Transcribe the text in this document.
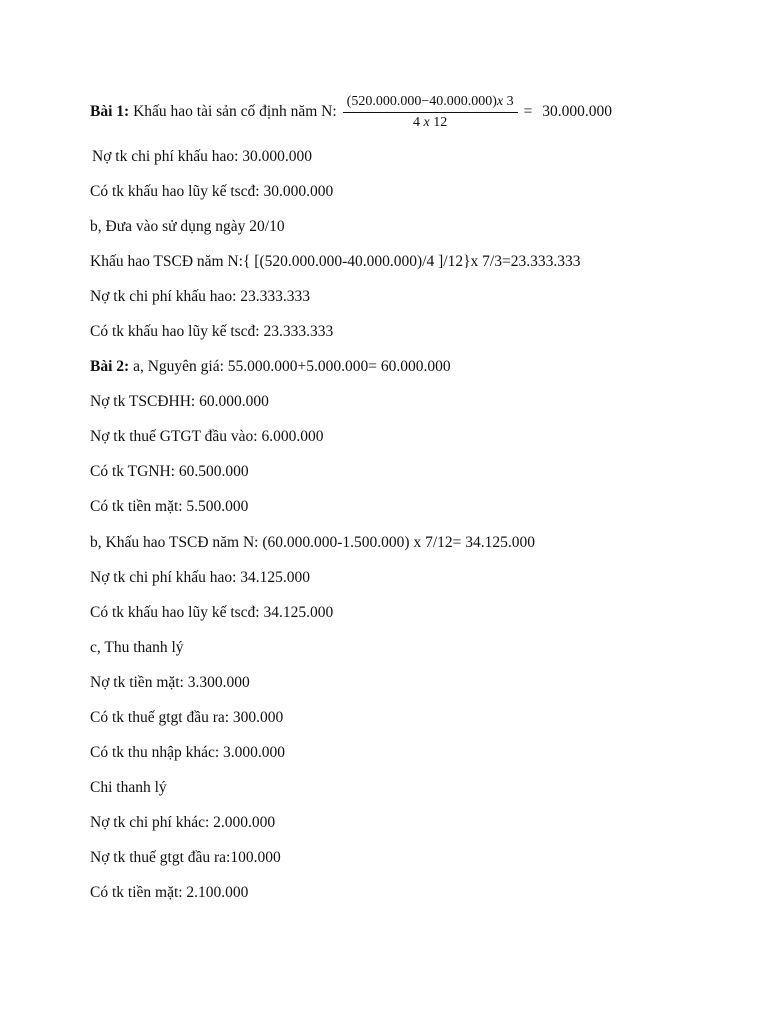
Bài 1:
Khấu hao tài sản cố định năm N: $\frac{(520.000.000-40.000.000)x 3}{4 x 12}$ =
30.000.000
Nợ tk chi phí khấu hao: 30.000.000
Có tk khấu hao lũy kế tscđ: 30.000.000
b, Đưa vào sử dụng ngày 20/10
Khấu hao TSCĐ năm N:{ [(520.000.000-40.000.000)/4 ]/12}x 7/3=23.333.333
Nợ tk chi phí khấu hao: 23.333.333
Có tk khấu hao lũy kế tscđ: 23.333.333
Bài 2: a, Nguyên giá: 55.000.000+5.000.000= 60.000.000
Nợ tk TSCĐHH: 60.000.000
Nợ tk thuế GTGT đầu vào: 6.000.000
Có tk TGNH: 60.500.000
Có tk tiền mặt: 5.500.000
b, Khấu hao TSCĐ năm N: (60.000.000-1.500.000) x 7/12= 34.125.000
Nợ tk chi phí khấu hao: 34.125.000
Có tk khấu hao lũy kế tscđ: 34.125.000
c, Thu thanh lý
Nợ tk tiền mặt: 3.300.000
Có tk thuế gtgt đầu ra: 300.000
Có tk thu nhập khác: 3.000.000
Chi thanh lý
Nợ tk chi phí khác: 2.000.000
Nợ tk thuế gtgt đầu ra:100.000
Có tk tiền mặt: 2.100.000
